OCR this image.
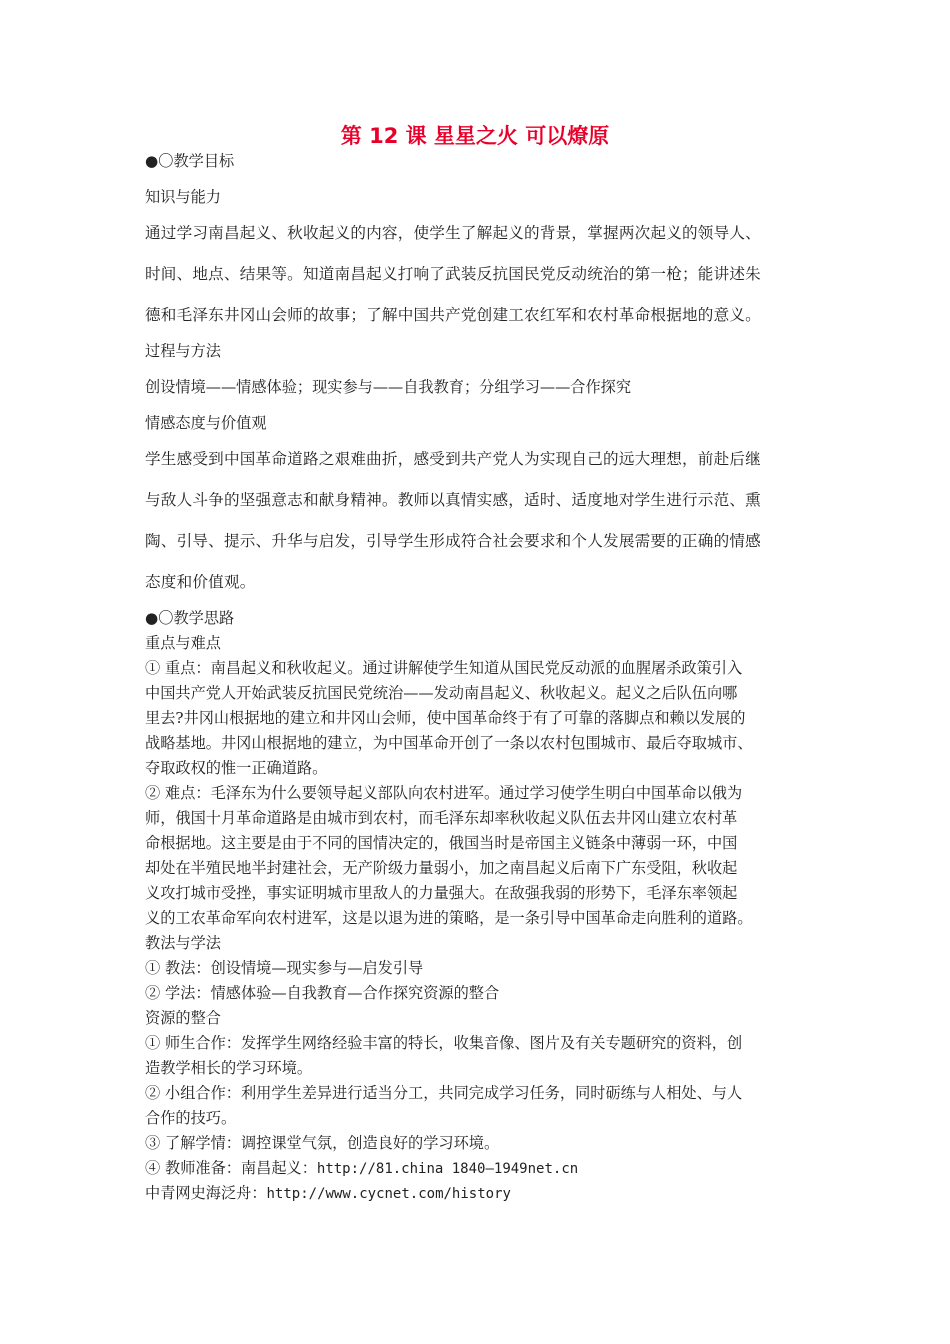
第 12 课 星星之火 可以燎原
●〇教学目标
知识与能力
通过学习南昌起义、秋收起义的内容，使学生了解起义的背景，掌握两次起义的领导人、
时间、地点、结果等。知道南昌起义打响了武装反抗国民党反动统治的第一枪；能讲述朱
德和毛泽东井冈山会师的故事；了解中国共产党创建工农红军和农村革命根据地的意义。
过程与方法
创设情境——情感体验；现实参与——自我教育；分组学习——合作探究
情感态度与价值观
学生感受到中国革命道路之艰难曲折，感受到共产党人为实现自己的远大理想，前赴后继
与敌人斗争的坚强意志和献身精神。教师以真情实感，适时、适度地对学生进行示范、熏
陶、引导、提示、升华与启发，引导学生形成符合社会要求和个人发展需要的正确的情感
态度和价值观。
●〇教学思路
重点与难点
① 重点：南昌起义和秋收起义。通过讲解使学生知道从国民党反动派的血腥屠杀政策引入
中国共产党人开始武装反抗国民党统治——发动南昌起义、秋收起义。起义之后队伍向哪
里去?井冈山根据地的建立和井冈山会师，使中国革命终于有了可靠的落脚点和赖以发展的
战略基地。井冈山根据地的建立，为中国革命开创了一条以农村包围城市、最后夺取城市、
夺取政权的惟一正确道路。
② 难点：毛泽东为什么要领导起义部队向农村进军。通过学习使学生明白中国革命以俄为
师，俄国十月革命道路是由城市到农村，而毛泽东却率秋收起义队伍去井冈山建立农村革
命根据地。这主要是由于不同的国情决定的，俄国当时是帝国主义链条中薄弱一环，中国
却处在半殖民地半封建社会，无产阶级力量弱小，加之南昌起义后南下广东受阻，秋收起
义攻打城市受挫，事实证明城市里敌人的力量强大。在敌强我弱的形势下，毛泽东率领起
义的工农革命军向农村进军，这是以退为进的策略，是一条引导中国革命走向胜利的道路。
教法与学法
① 教法：创设情境—现实参与—启发引导
② 学法：情感体验—自我教育—合作探究资源的整合
资源的整合
① 师生合作：发挥学生网络经验丰富的特长，收集音像、图片及有关专题研究的资料，创
造教学相长的学习环境。
② 小组合作：利用学生差异进行适当分工，共同完成学习任务，同时砺练与人相处、与人
合作的技巧。
③ 了解学情：调控课堂气氛，创造良好的学习环境。
④ 教师准备：南昌起义：http://81.china 1840—1949net.cn
中青网史海泛舟：http://www.cycnet.com/history
